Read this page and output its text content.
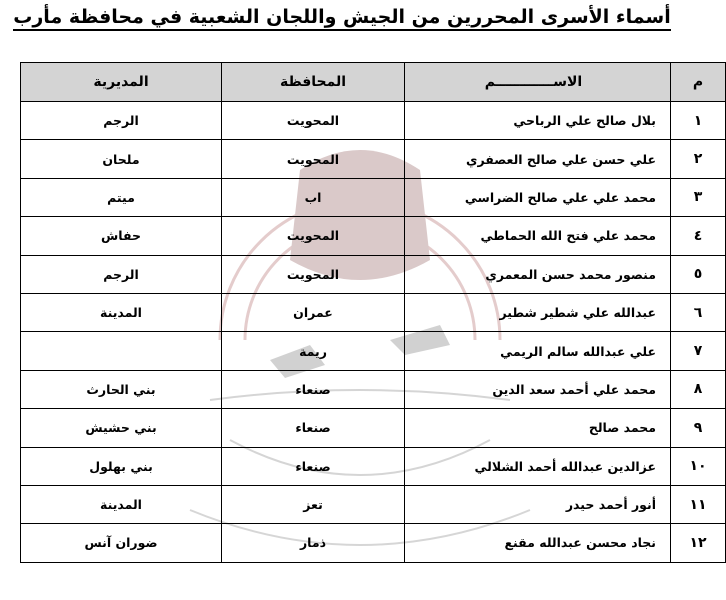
أسماء الأسرى المحررين من الجيش واللجان الشعبية في محافظة مأرب
م	الاســــــــــــم	المحافظة	المديرية
١	بلال صالح علي الرباحي	المحويت	الرجم
٢	علي حسن علي صالح العصفري	المحويت	ملحان
٣	محمد علي علي صالح الضراسي	اب	ميتم
٤	محمد علي فتح الله الحماطي	المحويت	حفاش
٥	منصور محمد حسن المعمري	المحويت	الرجم
٦	عبدالله علي شطير شطير	عمران	المدينة
٧	علي عبدالله سالم الريمي	ريمة	
٨	محمد علي أحمد سعد الدين	صنعاء	بني الحارث
٩	محمد صالح	صنعاء	بني حشيش
١٠	عزالدين عبدالله أحمد الشلالي	صنعاء	بني بهلول
١١	أنور أحمد حيدر	تعز	المدينة
١٢	نجاد محسن عبدالله مقنع	ذمار	ضوران آنس
